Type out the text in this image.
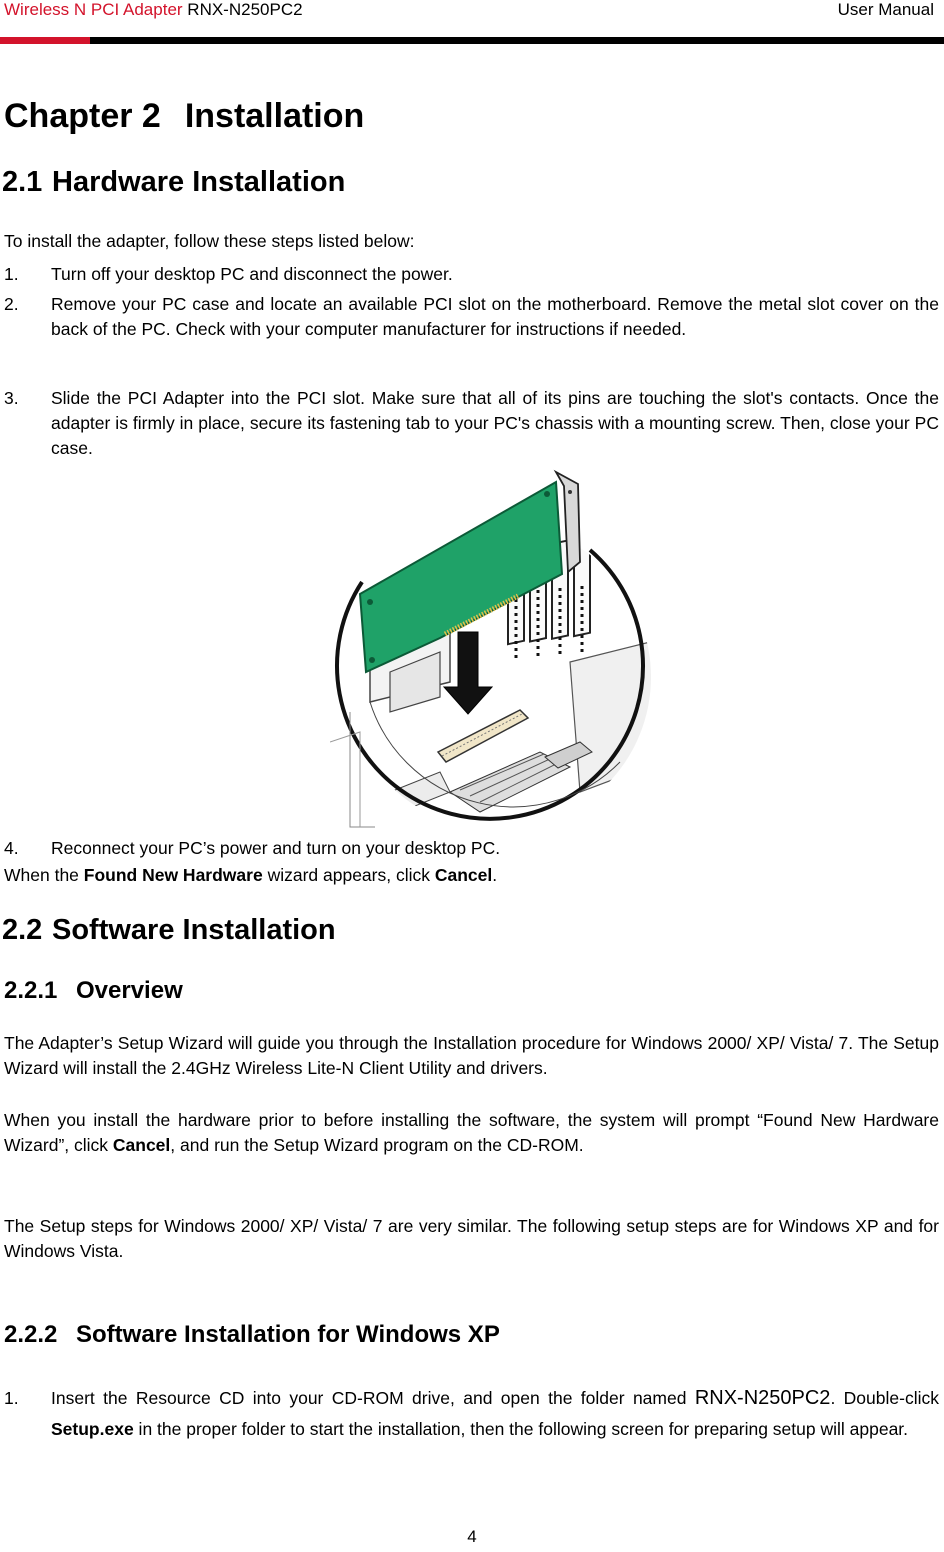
Wireless N PCI Adapter RNX-N250PC2	User Manual
Chapter 2 Installation
2.1 Hardware Installation
To install the adapter, follow these steps listed below:
1. Turn off your desktop PC and disconnect the power.
2. Remove your PC case and locate an available PCI slot on the motherboard. Remove the metal slot cover on the back of the PC. Check with your computer manufacturer for instructions if needed.
3. Slide the PCI Adapter into the PCI slot. Make sure that all of its pins are touching the slot's contacts. Once the adapter is firmly in place, secure its fastening tab to your PC's chassis with a mounting screw. Then, close your PC case.
4. Reconnect your PC’s power and turn on your desktop PC.
When the Found New Hardware wizard appears, click Cancel.
2.2 Software Installation
2.2.1 Overview
The Adapter’s Setup Wizard will guide you through the Installation procedure for Windows 2000/ XP/ Vista/ 7. The Setup Wizard will install the 2.4GHz Wireless Lite-N Client Utility and drivers.
When you install the hardware prior to before installing the software, the system will prompt “Found New Hardware Wizard”, click Cancel, and run the Setup Wizard program on the CD-ROM.
The Setup steps for Windows 2000/ XP/ Vista/ 7 are very similar. The following setup steps are for Windows XP and for Windows Vista.
2.2.2 Software Installation for Windows XP
1. Insert the Resource CD into your CD-ROM drive, and open the folder named RNX-N250PC2. Double-click Setup.exe in the proper folder to start the installation, then the following screen for preparing setup will appear.
4
